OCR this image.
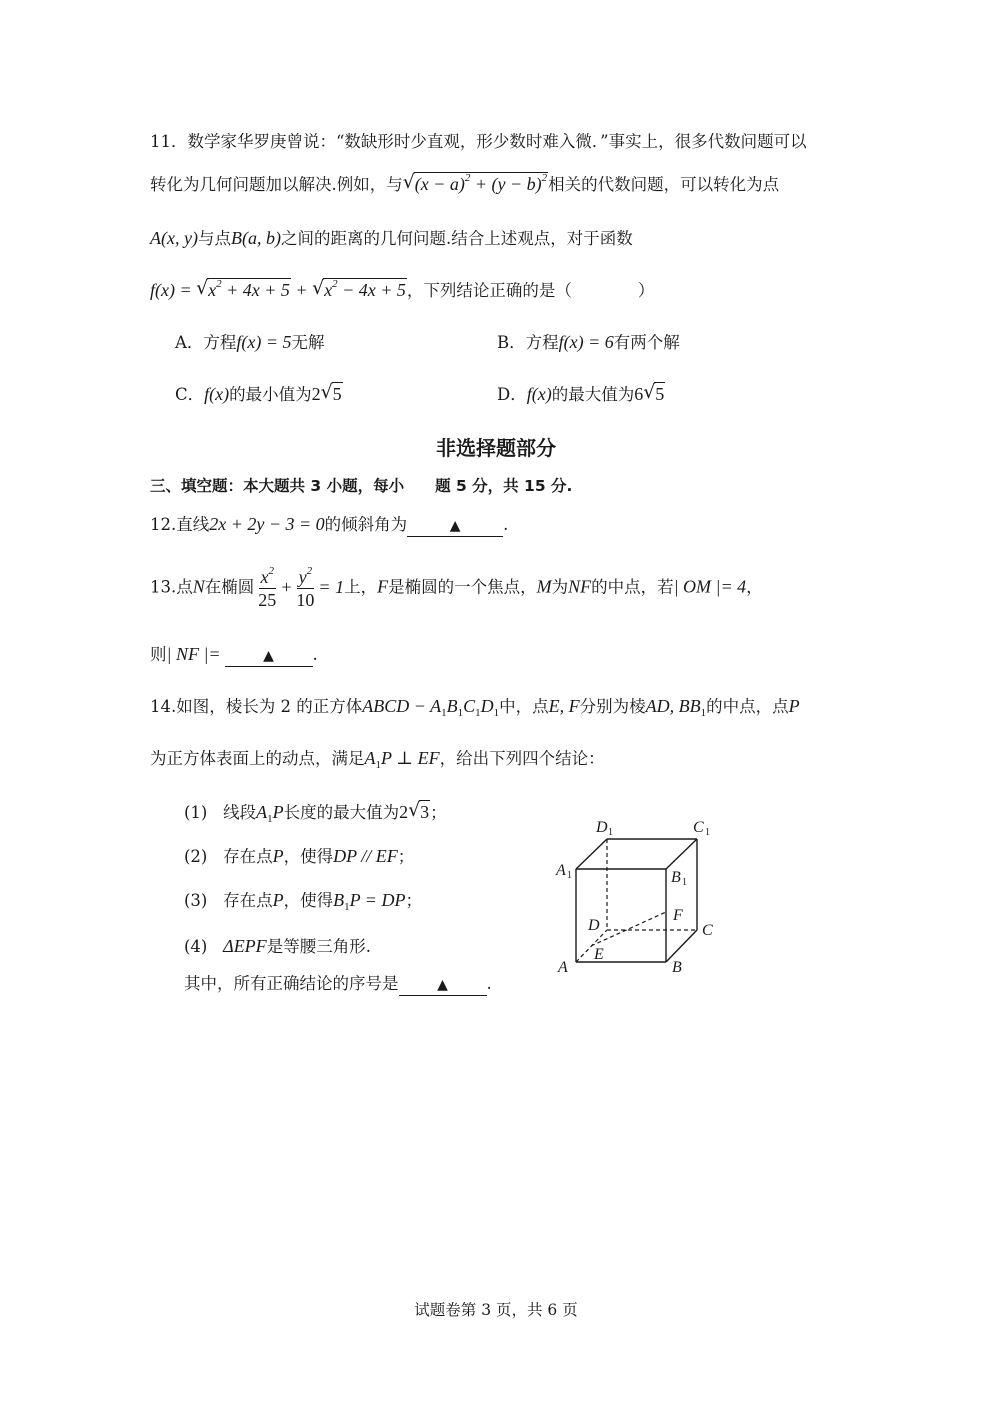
11．数学家华罗庚曾说：“数缺形时少直观，形少数时难入微．”事实上，很多代数问题可以
转化为几何问题加以解决.例如，与 √ $(x - a)^2 + (y - b)^2$相关的代数问题，可以转化为点
A(x, y)与点B(a, b)之间的距离的几何问题.结合上述观点，对于函数
f(x) = √ $x^2 + 4x + 5$ + √ $x^2 - 4x + 5$，下列结论正确的是（　　　　）
A．方程f(x) = 5无解	B．方程f(x) = 6有两个解
C．f(x)的最小值为2 √ 5	D．f(x)的最大值为6 √ 5
非选择题部分
三、填空题：本大题共 3 小题，每小　　题 5 分，共 15 分.
12.直线2x + 2y − 3 = 0的倾斜角为	▲	.
13.点N在椭圆 $\frac{x^2}{25} + \frac{y^2}{10} = 1$上，F是椭圆的一个焦点，M为NF的中点，若| OM |= 4，
则| NF |=	▲ .
14.如图，棱长为 2 的正方体ABCD − $A_1B_1C_1D_1$中，点E, F分别为棱AD, $BB_1$的中点，点P
为正方体表面上的动点，满足$A_1P$ ⊥ EF，给出下列四个结论：
(1) 线段$A_1P$长度的最大值为2 √ 3；
(2) 存在点P，使得DP // EF；
(3) 存在点P，使得$B_1P$ = DP；
(4) ΔEPF是等腰三角形.
其中，所有正确结论的序号是	▲ .
D 1	C 1
A 1	B 1
D
F
C
E
A	B
试题卷第 3 页，共 6 页
